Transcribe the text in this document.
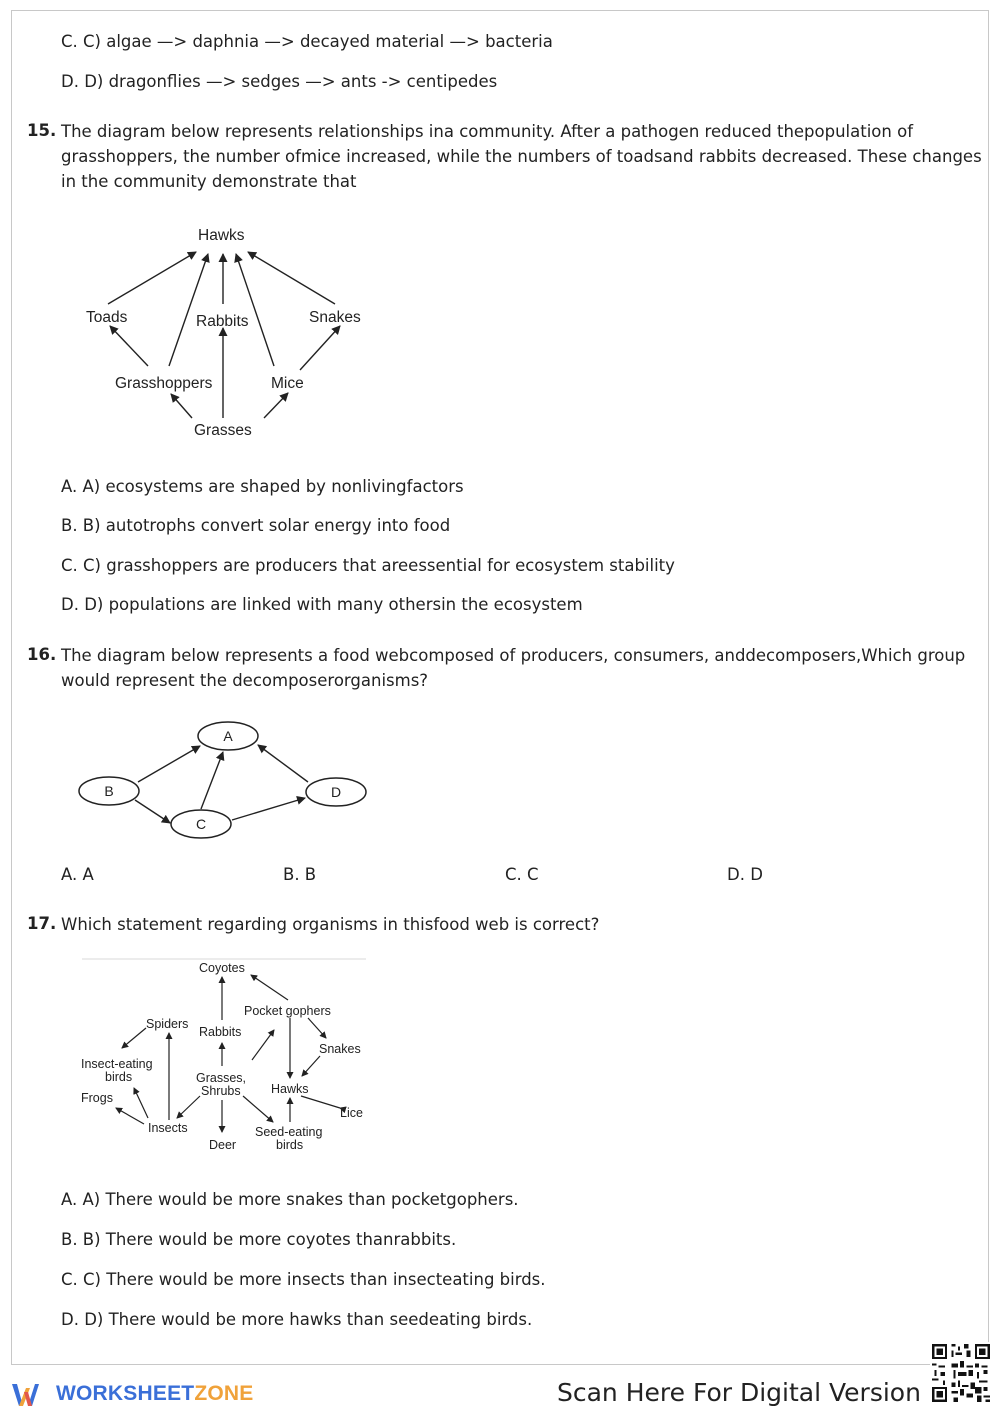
C. C) algae —> daphnia —> decayed material —> bacteria
D. D) dragonflies —> sedges —> ants -> centipedes
15. The diagram below represents relationships ina community. After a pathogen reduced thepopulation of
grasshoppers, the number ofmice increased, while the numbers of toadsand rabbits decreased. These changes
in the community demonstrate that
Hawks
Toads	Rabbits	Snakes
Grasshoppers	Mice
Grasses
A. A) ecosystems are shaped by nonlivingfactors
B. B) autotrophs convert solar energy into food
C. C) grasshoppers are producers that areessential for ecosystem stability
D. D) populations are linked with many othersin the ecosystem
16. The diagram below represents a food webcomposed of producers, consumers, anddecomposers,Which group
would represent the decomposerorganisms?
A
B
C
D
A. A	B. B	C. C	D. D
17. Which statement regarding organisms in thisfood web is correct?
Coyotes
Pocket gophers
Spiders
Rabbits
Snakes
Insect-eating
birds	Grasses,
Shrubs Hawks
Frogs
Lice
Insects	Seed-eating
birds
Deer
A. A) There would be more snakes than pocketgophers.
B. B) There would be more coyotes thanrabbits.
C. C) There would be more insects than insecteating birds.
D. D) There would be more hawks than seedeating birds.
WORKSHEETZONE	Scan Here For Digital Version
